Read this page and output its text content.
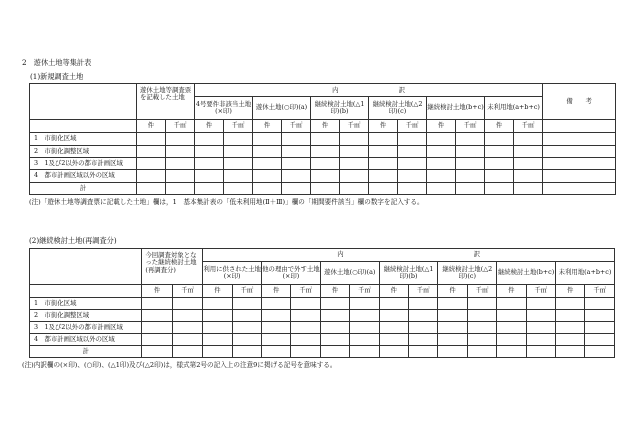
2　遊休土地等集計表
(1)新規調査土地

	遊休土地等調査票を記載した土地		内 訳												備　　考
			4号要件非該当土地(×印)		遊休土地(○印)(a)		継続検討土地(△1印)(b)		継続検討土地(△2印)(c)		継続検討土地(b+c)		未利用地(a+b+c)		
	件	千㎡	件	千㎡	件	千㎡	件	千㎡	件	千㎡	件	千㎡	件	千㎡	
1　市街化区域															
2　市街化調整区域															
3　1及び2以外の都市計画区域															
4　都市計画区域以外の区域															
計															
(注)「遊休土地等調査票に記載した土地」欄は，1　基本集計表の「低未利用地(Ⅱ＋Ⅲ)」欄の「期間要件該当」欄の数字を記入する。
(2)継続検討土地(再調査分)

	今回調査対象となった継続検討土地(再調査分)		内 訳													
			利用に供された土地(×印)		他の理由で外す土地(×印)		遊休土地(○印)(a)		継続検討土地(△1印)(b)		継続検討土地(△2印)(c)		継続検討土地(b+c)		未利用地(a+b+c)	
	件	千㎡	件	千㎡	件	千㎡	件	千㎡	件	千㎡	件	千㎡	件	千㎡	件	千㎡
1　市街化区域																
2　市街化調整区域																
3　1及び2以外の都市計画区域																
4　都市計画区域以外の区域																
計																
(注)内訳欄の(×印)、(○印)、(△1印)及び(△2印)は，様式第2号の記入上の注意9に掲げる記号を意味する。
